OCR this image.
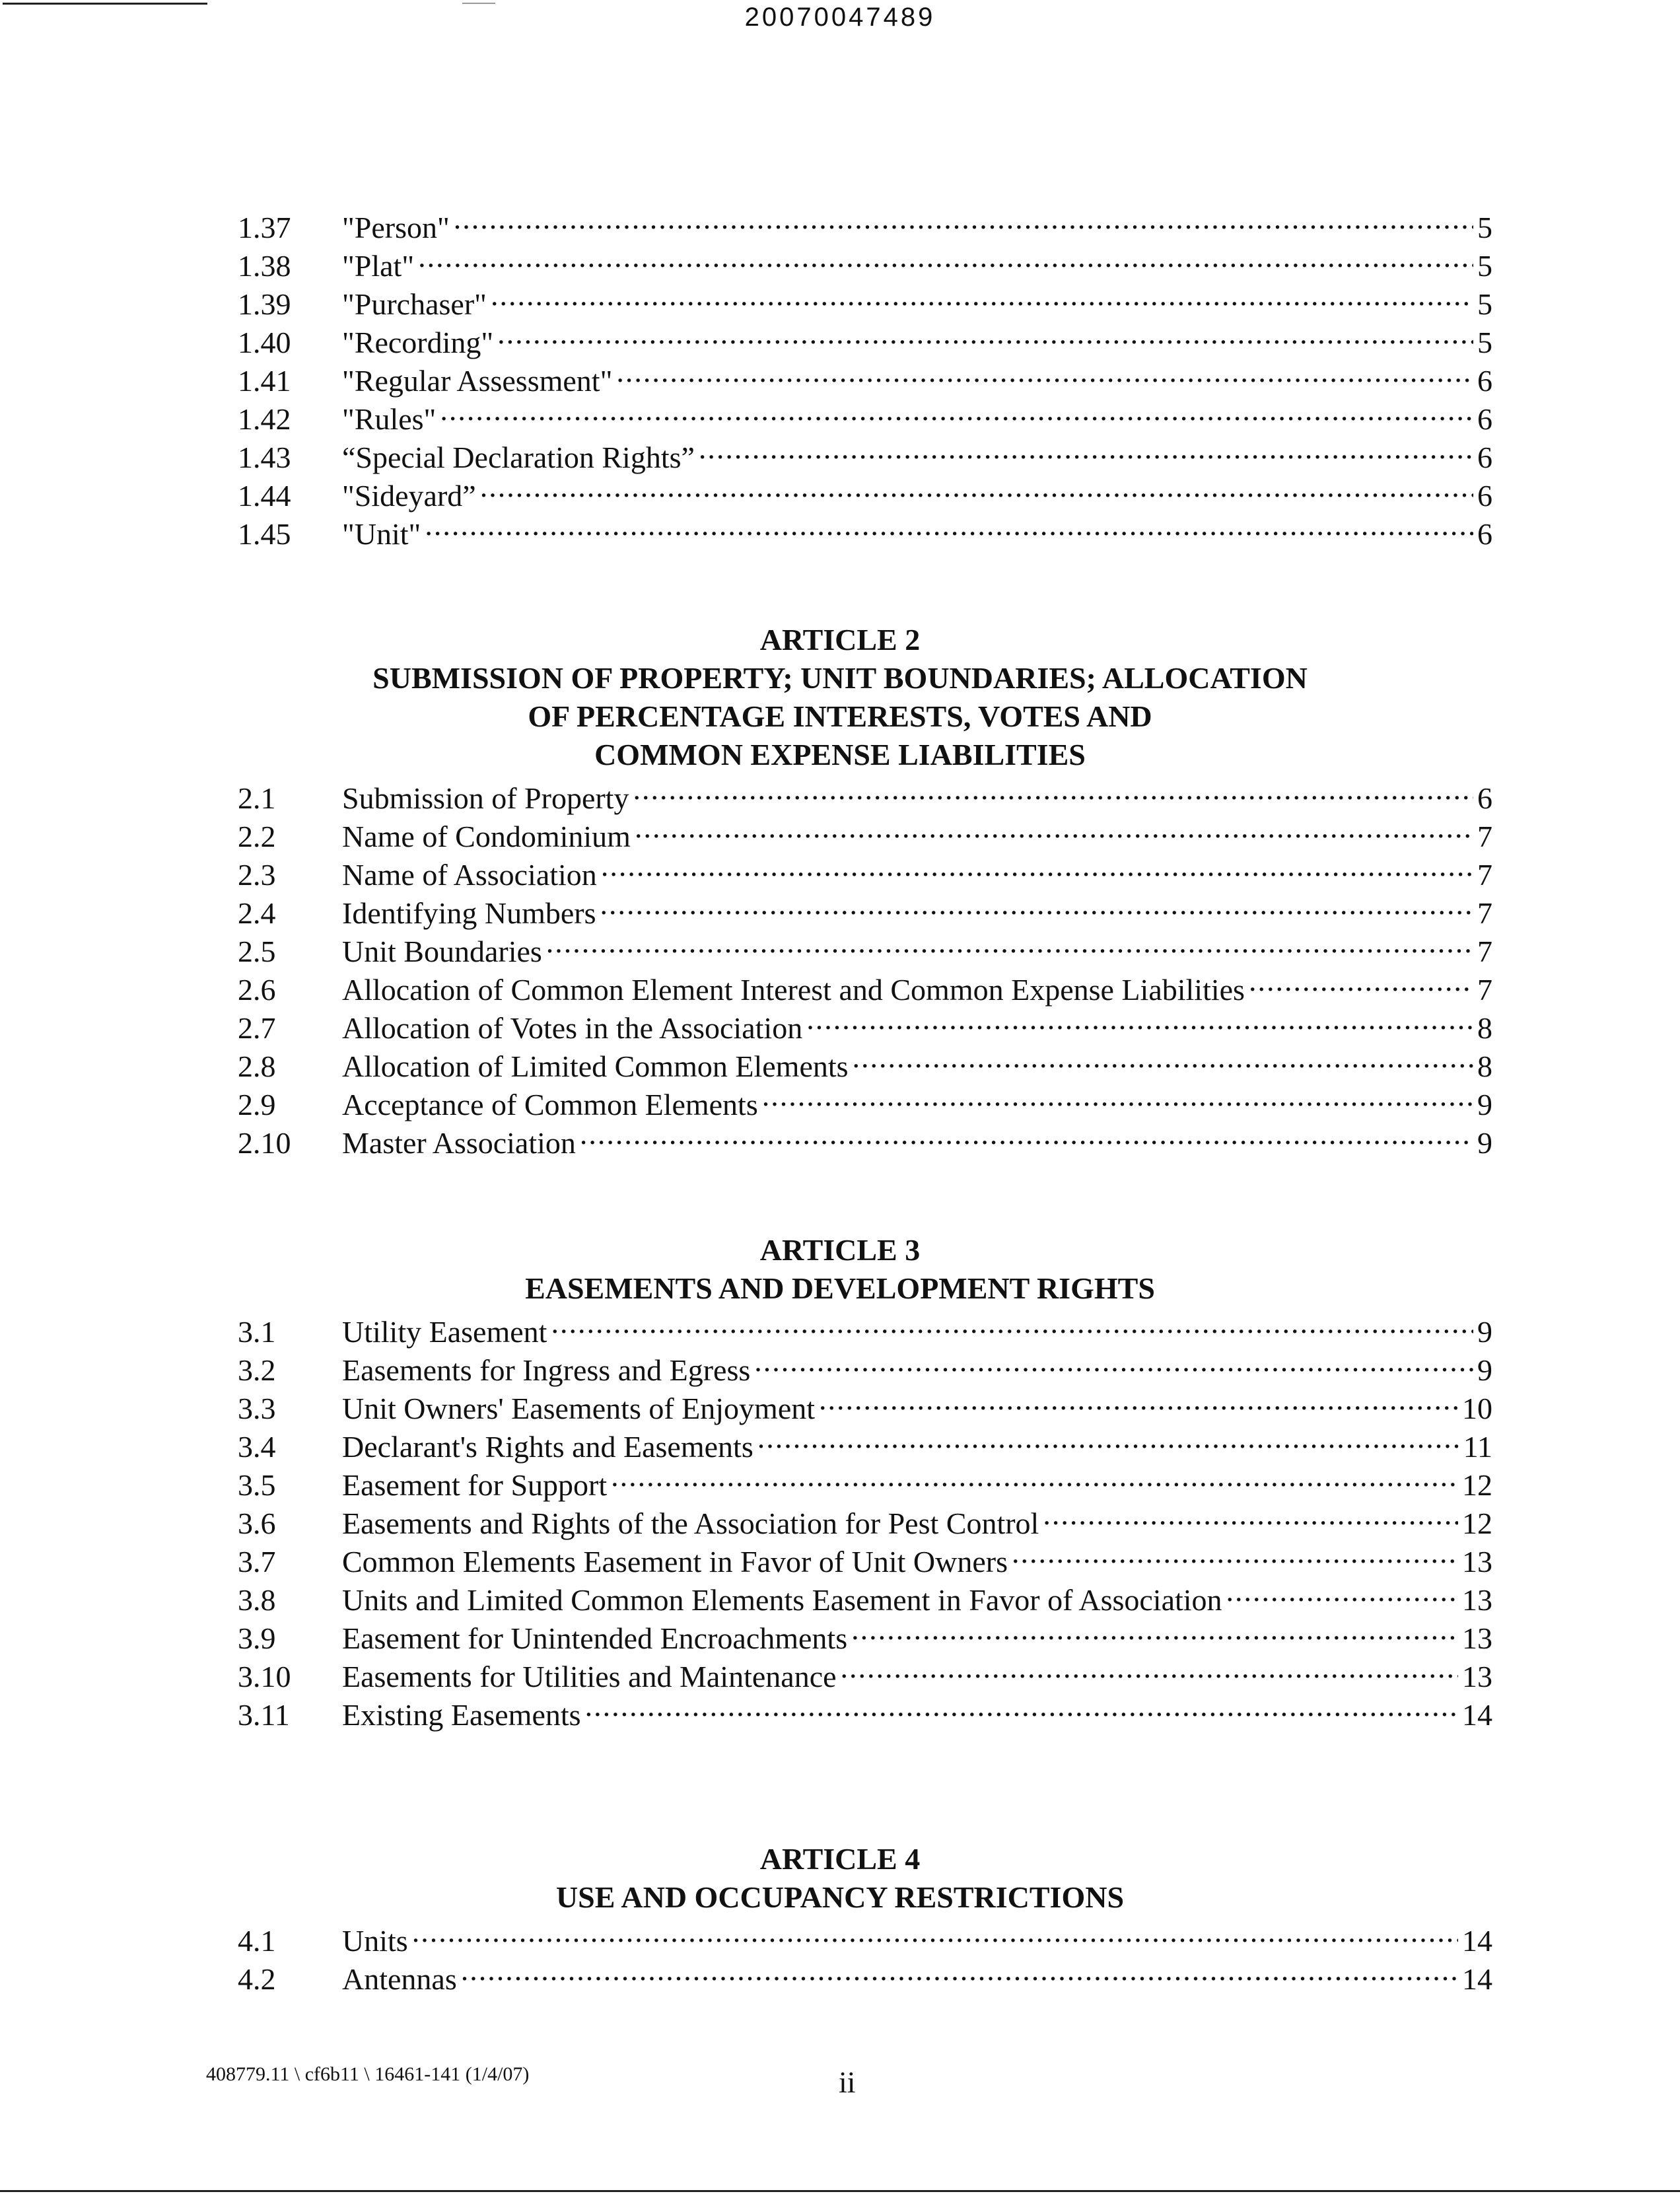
20070047489
1.37	"Person" .....	5
1.38	"Plat" .....	5
1.39	"Purchaser" .....	5
1.40	"Recording" .....	5
1.41	"Regular Assessment" .....	6
1.42	"Rules" .....	6
1.43	“Special Declaration Rights” .....	6
1.44	"Sideyard” .....	6
1.45	"Unit" .....	6
ARTICLE 2
SUBMISSION OF PROPERTY; UNIT BOUNDARIES; ALLOCATION
OF PERCENTAGE INTERESTS, VOTES AND
COMMON EXPENSE LIABILITIES
2.1	Submission of Property .....	6
2.2	Name of Condominium .....	7
2.3	Name of Association .....	7
2.4	Identifying Numbers .....	7
2.5	Unit Boundaries .....	7
2.6	Allocation of Common Element Interest and Common Expense Liabilities .....	7
2.7	Allocation of Votes in the Association .....	8
2.8	Allocation of Limited Common Elements .....	8
2.9	Acceptance of Common Elements .....	9
2.10	Master Association .....	9
ARTICLE 3
EASEMENTS AND DEVELOPMENT RIGHTS
3.1	Utility Easement .....	9
3.2	Easements for Ingress and Egress .....	9
3.3	Unit Owners' Easements of Enjoyment .....	10
3.4	Declarant's Rights and Easements .....	11
3.5	Easement for Support .....	12
3.6	Easements and Rights of the Association for Pest Control .....	12
3.7	Common Elements Easement in Favor of Unit Owners .....	13
3.8	Units and Limited Common Elements Easement in Favor of Association .....	13
3.9	Easement for Unintended Encroachments .....	13
3.10	Easements for Utilities and Maintenance .....	13
3.11	Existing Easements .....	14
ARTICLE 4
USE AND OCCUPANCY RESTRICTIONS
4.1	Units .....	14
4.2	Antennas .....	14
408779.11 \ cf6b11 \ 16461-141 (1/4/07)	ii
